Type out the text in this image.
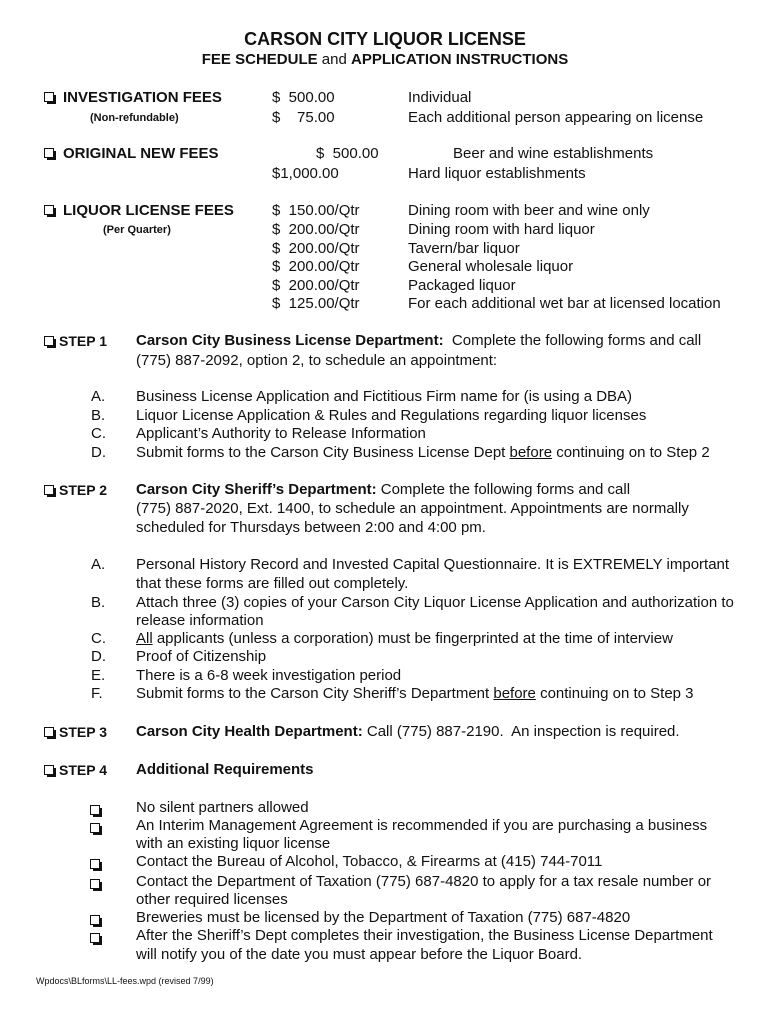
CARSON CITY LIQUOR LICENSE
FEE SCHEDULE and APPLICATION INSTRUCTIONS
INVESTIGATION FEES
(Non-refundable)
$  500.00	Individual
$    75.00	Each additional person appearing on license
ORIGINAL NEW FEES	$  500.00	Beer and wine establishments
$1,000.00	Hard liquor establishments
LIQUOR LICENSE FEES
(Per Quarter)
$  150.00/Qtr	Dining room with beer and wine only
$  200.00/Qtr	Dining room with hard liquor
$  200.00/Qtr	Tavern/bar liquor
$  200.00/Qtr	General wholesale liquor
$  200.00/Qtr	Packaged liquor
$  125.00/Qtr	For each additional wet bar at licensed location
STEP 1 Carson City Business License Department:  Complete the following forms and call
(775) 887-2092, option 2, to schedule an appointment:
A. Business License Application and Fictitious Firm name for (is using a DBA)
B. Liquor License Application & Rules and Regulations regarding liquor licenses
C. Applicant’s Authority to Release Information
D. Submit forms to the Carson City Business License Dept before continuing on to Step 2
STEP 2 Carson City Sheriff’s Department: Complete the following forms and call
(775) 887-2020, Ext. 1400, to schedule an appointment. Appointments are normally
scheduled for Thursdays between 2:00 and 4:00 pm.
A. Personal History Record and Invested Capital Questionnaire. It is EXTREMELY important
that these forms are filled out completely.
B. Attach three (3) copies of your Carson City Liquor License Application and authorization to
release information
C. All applicants (unless a corporation) must be fingerprinted at the time of interview
D. Proof of Citizenship
E. There is a 6-8 week investigation period
F. Submit forms to the Carson City Sheriff’s Department before continuing on to Step 3
STEP 3 Carson City Health Department: Call (775) 887-2190.  An inspection is required.
STEP 4 Additional Requirements
No silent partners allowed
An Interim Management Agreement is recommended if you are purchasing a business
with an existing liquor license
Contact the Bureau of Alcohol, Tobacco, & Firearms at (415) 744-7011
Contact the Department of Taxation (775) 687-4820 to apply for a tax resale number or
other required licenses
Breweries must be licensed by the Department of Taxation (775) 687-4820
After the Sheriff’s Dept completes their investigation, the Business License Department
will notify you of the date you must appear before the Liquor Board.
Wpdocs\BLforms\LL-fees.wpd (revised 7/99)
